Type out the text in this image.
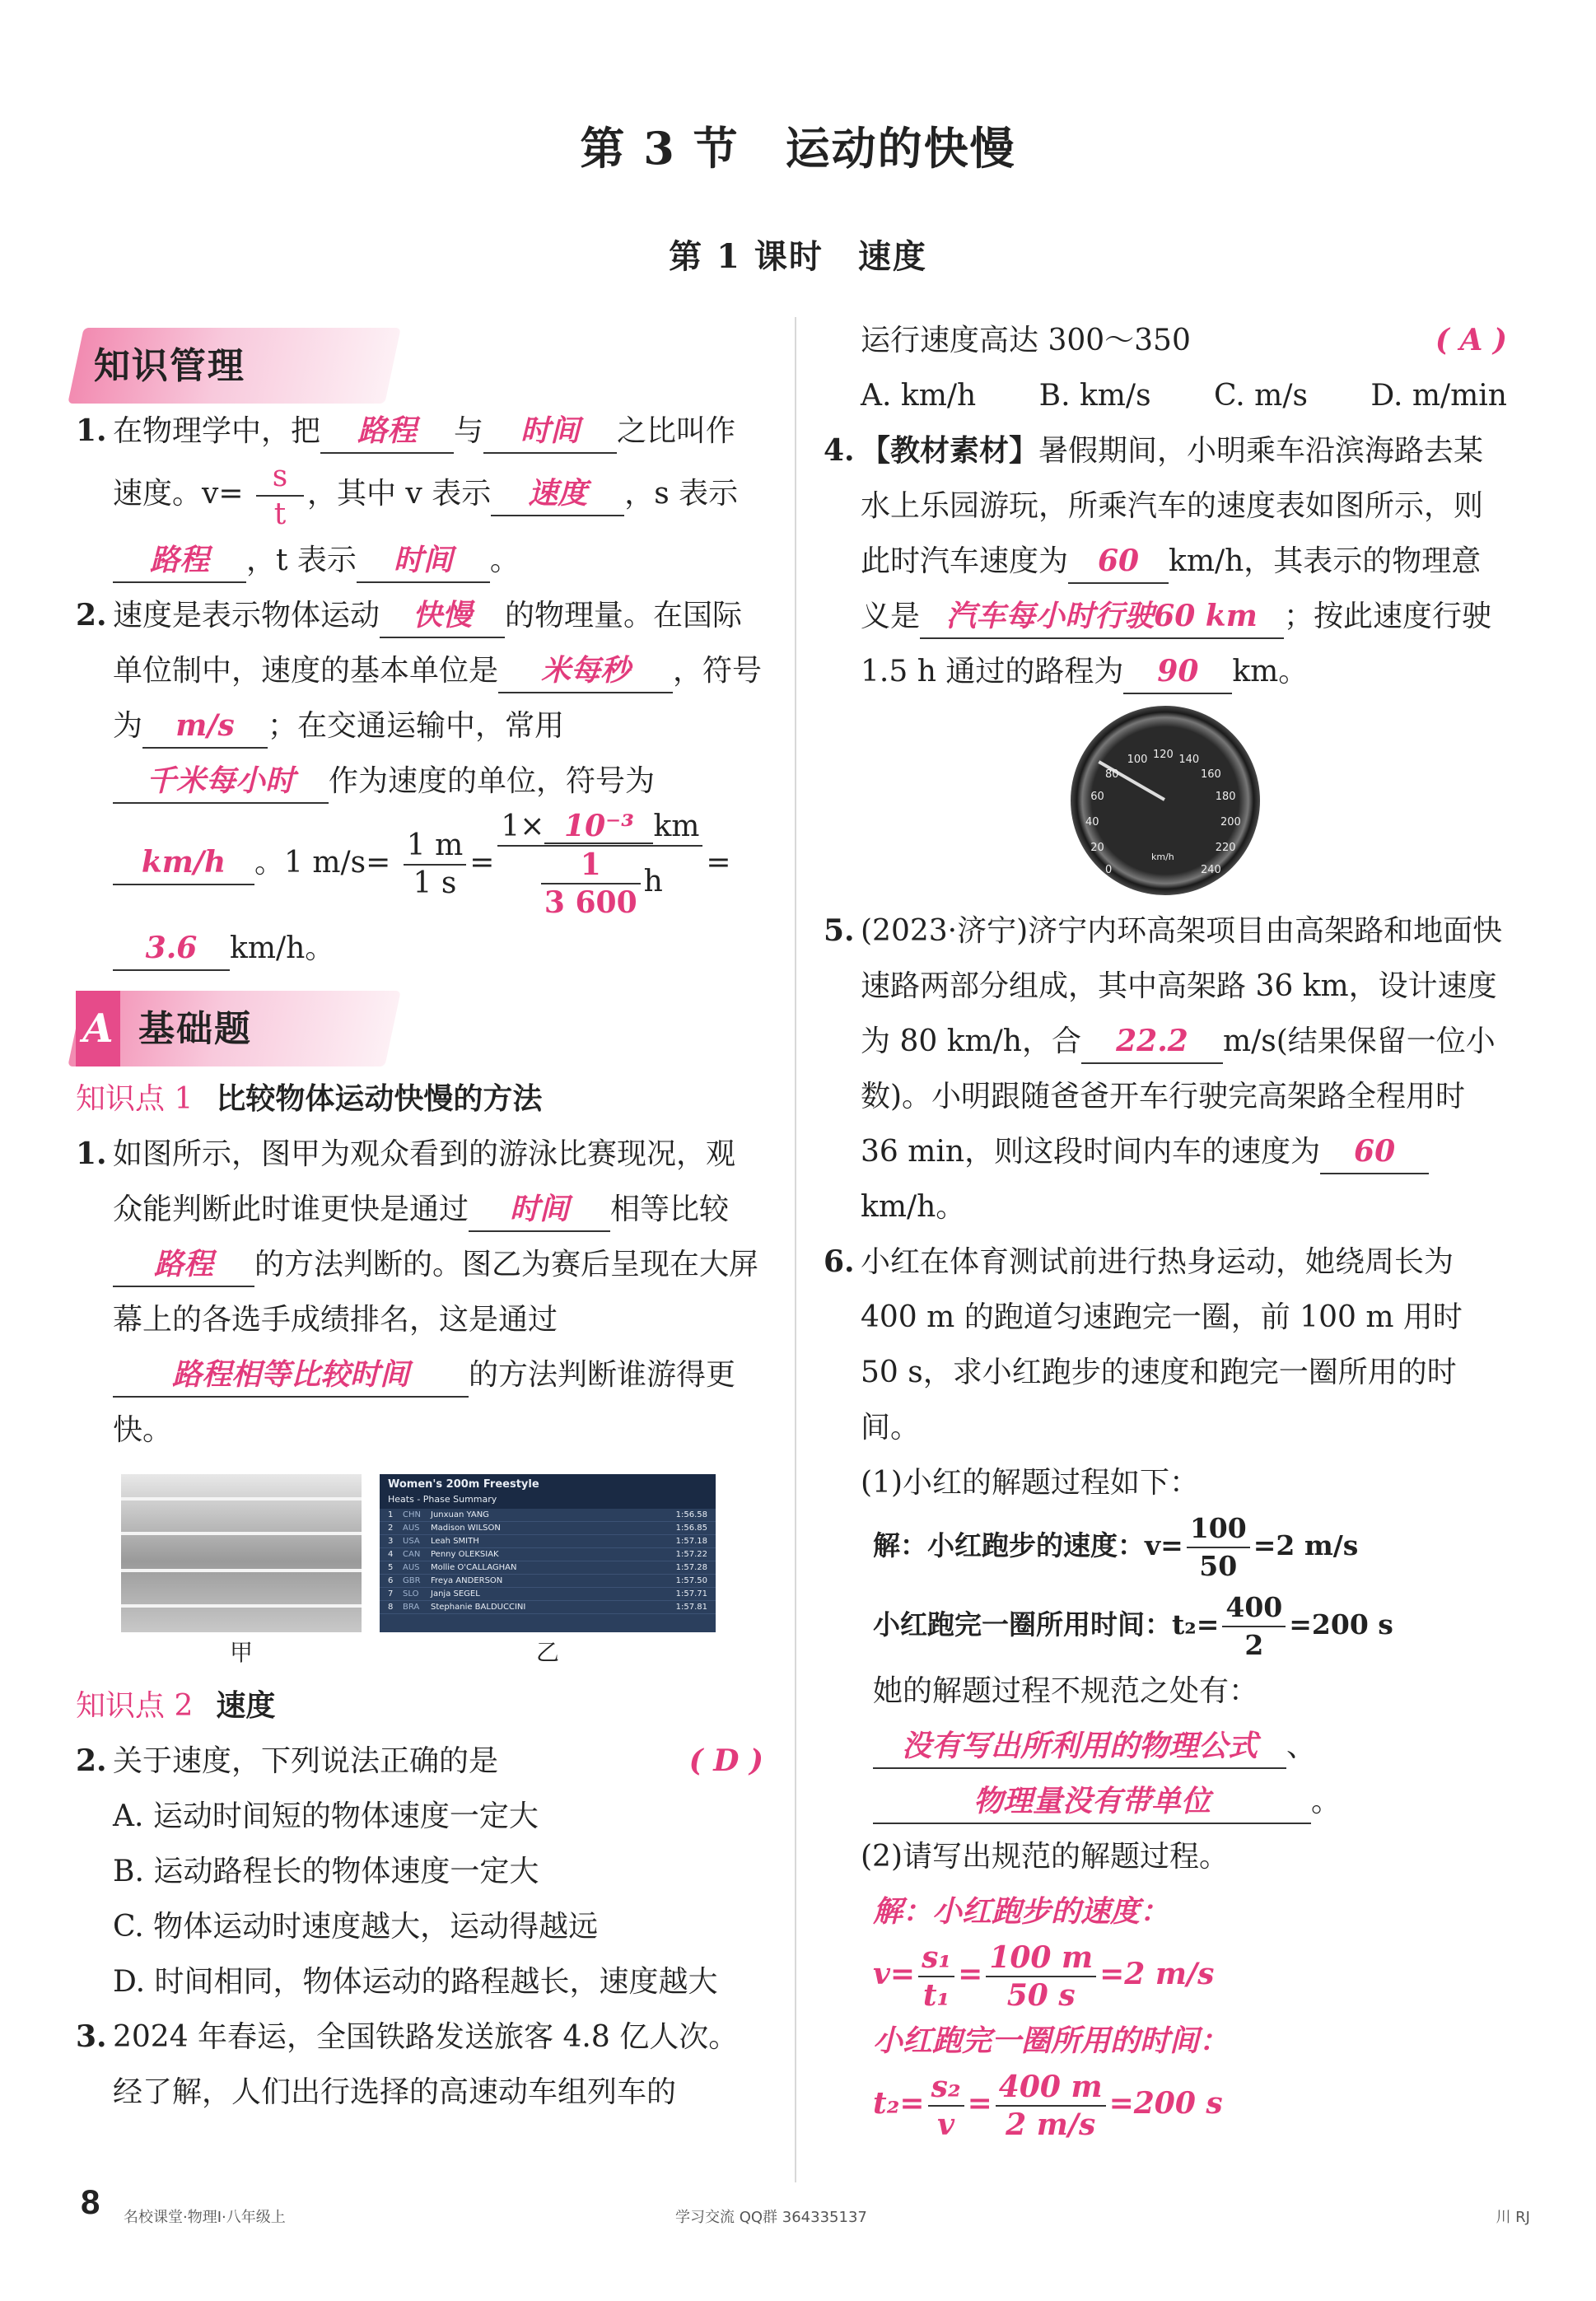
第 3 节　运动的快慢
第 1 课时　速度
知识管理
1. 在物理学中，把 路程 与 时间 之比叫作速度。$v= \frac{s}{t}$ ，其中 v 表示 速度 ，s 表示
路程 ，t 表示 时间 。
2. 速度是表示物体运动 快慢 的物理量。在国际单位制中，速度的基本单位是 米每秒 ，符号为 m/s ；在交通运输中，常用千米每小时 作为速度的单位，符号为
km/h 。1 $m/s= \frac{1 m}{1 s} = \frac{\text{1× 10⁻³ km}}{\frac{1}{3 600} h}$ =
3.6 km/h。
A 基础题
知识点 1 比较物体运动快慢的方法
1. 如图所示，图甲为观众看到的游泳比赛现况，观众能判断此时谁更快是通过 时间 相等比较路程 的方法判断的。图乙为赛后呈现在大屏幕上的各选手成绩排名，这是通过路程相等比较时间 的方法判断谁游得更快。
甲
Women's 200m Freestyle
Heats - Phase Summary
1	CHN	Junxuan YANG	1:56.58
2	AUS	Madison WILSON	1:56.85
3	USA	Leah SMITH	1:57.18
4	CAN	Penny OLEKSIAK	1:57.22
5	AUS	Mollie O'CALLAGHAN	1:57.28
6	GBR	Freya ANDERSON	1:57.50
7	SLO	Janja SEGEL	1:57.71
8	BRA	Stephanie BALDUCCINI	1:57.81
乙
知识点 2 速度
2. 关于速度，下列说法正确的是	( D )
A. 运动时间短的物体速度一定大
B. 运动路程长的物体速度一定大
C. 物体运动时速度越大，运动得越远
D. 时间相同，物体运动的路程越长，速度越大
3. 2024 年春运，全国铁路发送旅客 4.8 亿人次。经了解，人们出行选择的高速动车组列车的
运行速度高达 300～350	( A )
A. km/h B. km/s C. m/s D. m/min
4. 【教材素材】暑假期间，小明乘车沿滨海路去某水上乐园游玩，所乘汽车的速度表如图所示，则此时汽车速度为 60 km/h，其表示的物理意义是 汽车每小时行驶60 km ；按此速度行驶 1.5 h 通过的路程为 90 km。
km/h
0
20
40
60
80
100 120 140
160
180
200
220
240
5. (2023·济宁)济宁内环高架项目由高架路和地面快速路两部分组成，其中高架路 36 km，设计速度为 80 km/h，合 22.2 m/s(结果保留一位小数)。小明跟随爸爸开车行驶完高架路全程用时 36 min，则这段时间内车的速度为 60km/h。
6. 小红在体育测试前进行热身运动，她绕周长为 400 m 的跑道匀速跑完一圈，前 100 m 用时 50 s，求小红跑步的速度和跑完一圈所用的时间。
(1)小红的解题过程如下：
解：小红跑步的速度：$v= \frac{100}{50} =2$ m/s
小红跑完一圈所用时间：$t_2= \frac{400}{2} =200$ s
她的解题过程不规范之处有：没有写出所利用的物理公式 、物理量没有带单位	。
(2)请写出规范的解题过程。
解：小红跑步的速度：
$v= \frac{\text{s₁}}{\text{t₁}} = \frac{100 m}{50 s} =2$ m/s
小红跑完一圈所用的时间：
$t_2= \frac{\text{s₂}}{v} = \frac{400 m}{2 m/s} =200$ s
8 名校课堂·物理Ⅰ·八年级上	学习交流 QQ群 364335137	川 RJ
